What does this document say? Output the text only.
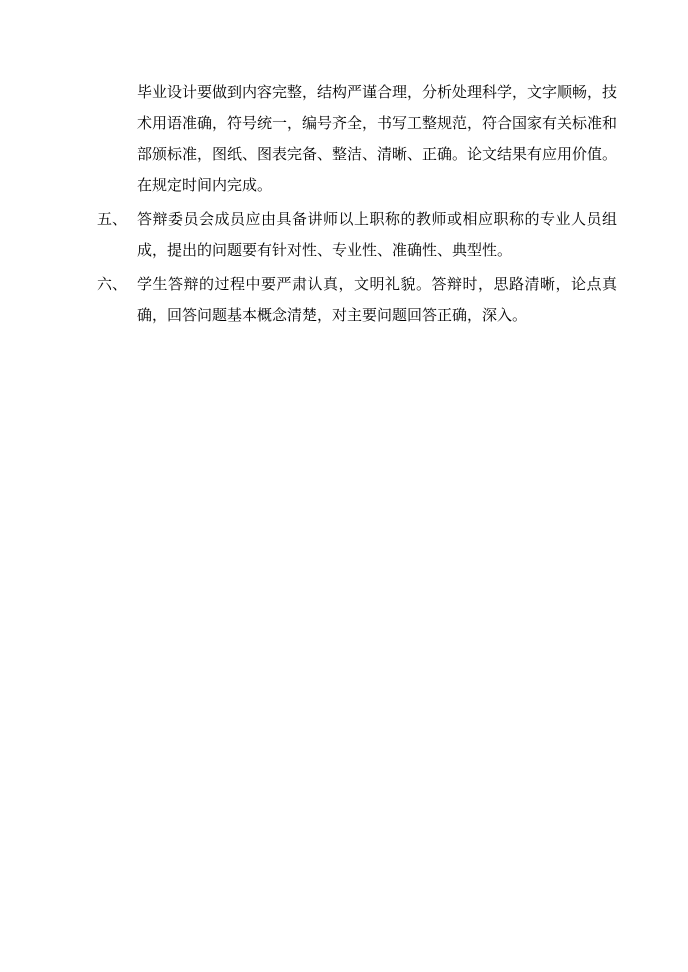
毕业设计要做到内容完整，结构严谨合理，分析处理科学，文字顺畅，技术用语准确，符号统一，编号齐全，书写工整规范，符合国家有关标准和部颁标准，图纸、图表完备、整洁、清晰、正确。论文结果有应用价值。在规定时间内完成。
五、 答辩委员会成员应由具备讲师以上职称的教师或相应职称的专业人员组成，提出的问题要有针对性、专业性、准确性、典型性。
六、 学生答辩的过程中要严肃认真，文明礼貌。答辩时，思路清晰，论点真确，回答问题基本概念清楚，对主要问题回答正确，深入。
